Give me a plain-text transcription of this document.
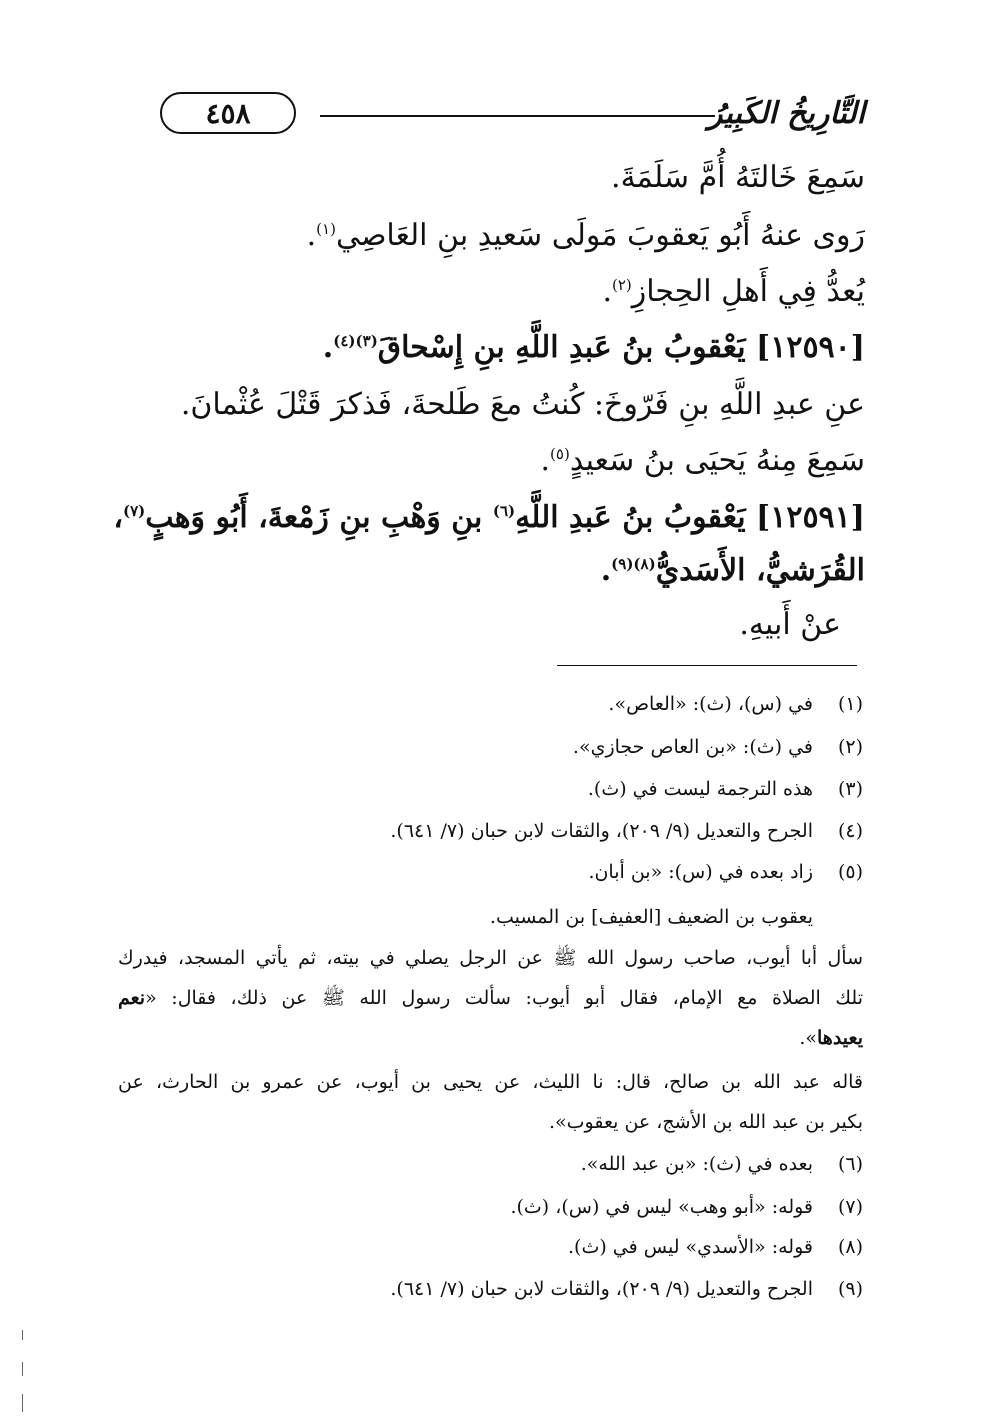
التَّارِيخُ الكَبِيرُ
٤٥٨
سَمِعَ خَالتَهُ أُمَّ سَلَمَةَ.
رَوى عنهُ أَبُو يَعقوبَ مَولَى سَعيدِ بنِ العَاصِي$^{(١)}$.
يُعدُّ فِي أَهلِ الحِجازِ$^{(٢)}$.
[١٢٥٩٠] يَعْقوبُ بنُ عَبدِ اللَّهِ بنِ إِسْحاقَ$^{(٣)(٤)}$.
عنِ عبدِ اللَّهِ بنِ فَرّوخَ: كُنتُ معَ طَلحةَ، فَذكرَ قَتْلَ عُثْمانَ.
سَمِعَ مِنهُ يَحيَى بنُ سَعيدٍ$^{(٥)}$.
[١٢٥٩١] يَعْقوبُ بنُ عَبدِ اللَّهِ$^{(٦)}$ بنِ وَهْبِ بنِ زَمْعةَ، أَبُو وَهبٍ$^{(٧)}$،
القُرَشيُّ، الأَسَديُّ$^{(٨)(٩)}$.
عنْ أَبيهِ.
(١)في (س)، (ث): «العاص».
(٢)في (ث): «بن العاص حجازي».
(٣)هذه الترجمة ليست في (ث).
(٤)الجرح والتعديل (٩/ ٢٠٩)، والثقات لابن حبان (٧/ ٦٤١).
(٥)زاد بعده في (س): «بن أبان.
يعقوب بن الضعيف [العفيف] بن المسيب.
سأل أبا أيوب، صاحب رسول الله ﷺ عن الرجل يصلي في بيته، ثم يأتي المسجد، فيدرك
تلك الصلاة مع الإمام، فقال أبو أيوب: سألت رسول الله ﷺ عن ذلك، فقال: «نعم
يعيدها».
قاله عبد الله بن صالح، قال: نا الليث، عن يحيى بن أيوب، عن عمرو بن الحارث، عن
بكير بن عبد الله بن الأشج، عن يعقوب».
(٦)بعده في (ث): «بن عبد الله».
(٧)قوله: «أبو وهب» ليس في (س)، (ث).
(٨)قوله: «الأسدي» ليس في (ث).
(٩)الجرح والتعديل (٩/ ٢٠٩)، والثقات لابن حبان (٧/ ٦٤١).
